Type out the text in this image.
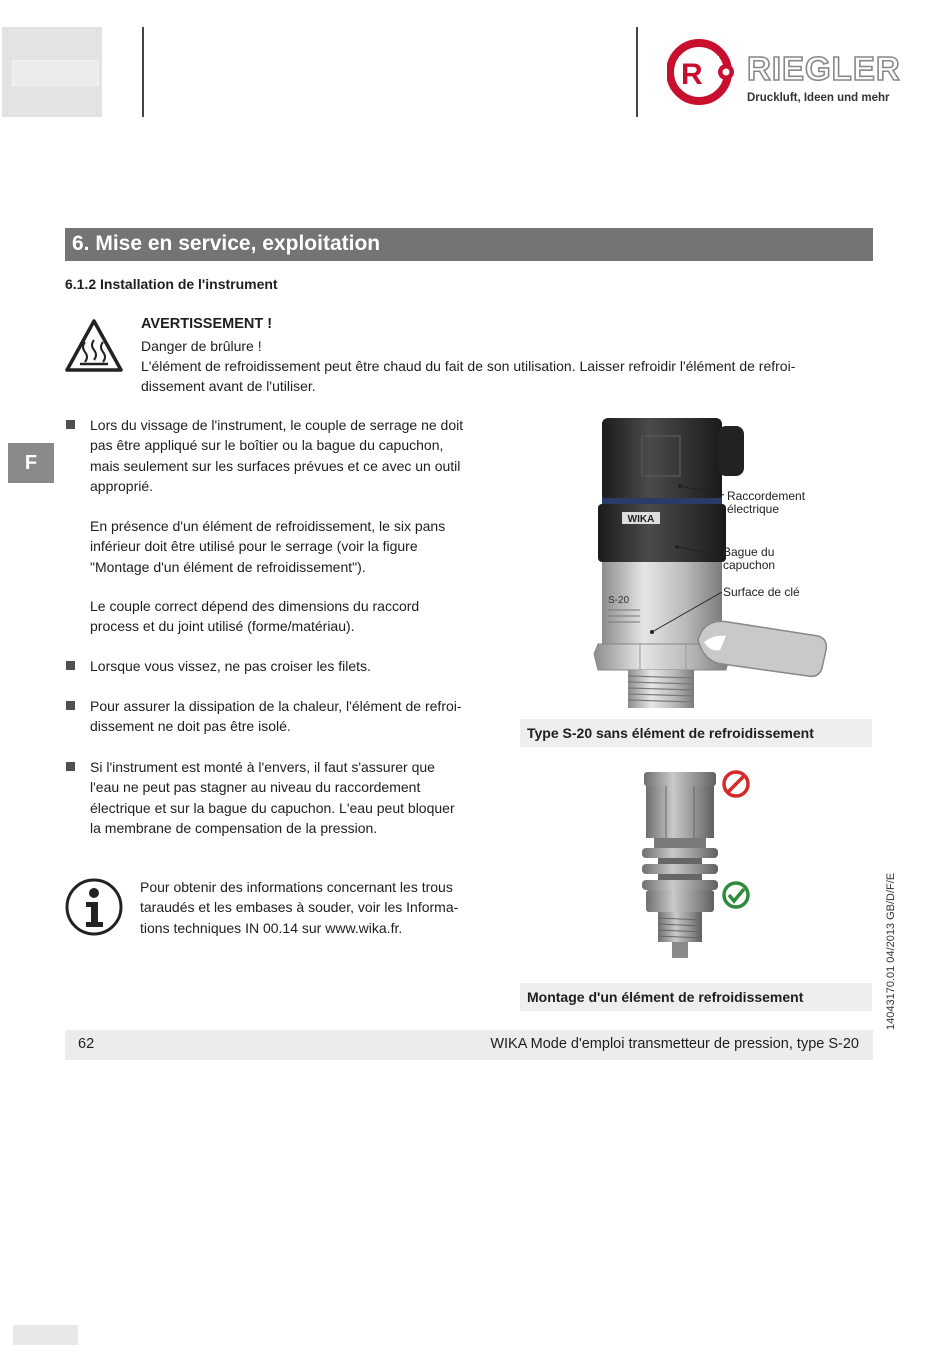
R RIEGLER
Druckluft, Ideen und mehr
6. Mise en service, exploitation
6.1.2 Installation de l'instrument
AVERTISSEMENT !
Danger de brûlure !
L'élément de refroidissement peut être chaud du fait de son utilisation. Laisser refroidir l'élément de refroi-
dissement avant de l'utiliser.
F
Lors du vissage de l'instrument, le couple de serrage ne doit
pas être appliqué sur le boîtier ou la bague du capuchon,
mais seulement sur les surfaces prévues et ce avec un outil
approprié.
En présence d'un élément de refroidissement, le six pans
inférieur doit être utilisé pour le serrage (voir la figure
"Montage d'un élément de refroidissement").
Le couple correct dépend des dimensions du raccord
process et du joint utilisé (forme/matériau).
Lorsque vous vissez, ne pas croiser les filets.
Pour assurer la dissipation de la chaleur, l'élément de refroi-
dissement ne doit pas être isolé.
Si l'instrument est monté à l'envers, il faut s'assurer que
l'eau ne peut pas stagner au niveau du raccordement
électrique et sur la bague du capuchon. L'eau peut bloquer
la membrane de compensation de la pression.
Pour obtenir des informations concernant les trous
taraudés et les embases à souder, voir les Informa-
tions techniques IN 00.14 sur www.wika.fr.
WIKA
S-20
Raccordement
électrique
Bague du
capuchon
Surface de clé
Type S-20 sans élément de refroidissement
Montage d'un élément de refroidissement	14043170.01 04/2013 GB/D/F/E
62	WIKA Mode d'emploi transmetteur de pression, type S-20
